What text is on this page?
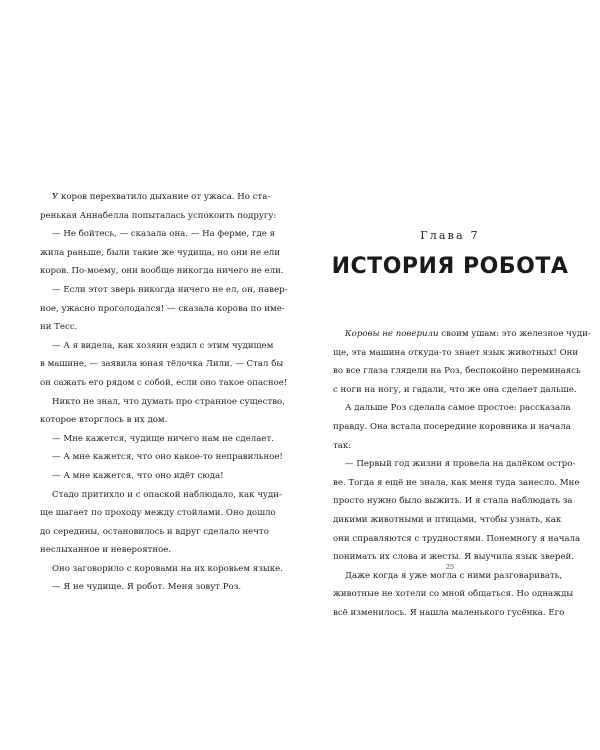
У коров перехватило дыхание от ужаса. Но ста-
ренькая Аннабелла попыталась успокоить подругу:
— Не бойтесь, — сказала она. — На ферме, где я
жила раньше, были такие же чудища, но они не ели
коров. По-моему, они вообще никогда ничего не ели.
— Если этот зверь никогда ничего не ел, он, навер-
ное, ужасно проголодался! — сказала корова по име-
ни Тесс.
— А я видела, как хозяин ездил с этим чудищем
в машине, — заявила юная тёлочка Лили. — Стал бы
он сажать его рядом с собой, если оно такое опасное!
Никто не знал, что думать про странное существо,
которое вторглось в их дом.
— Мне кажется, чудище ничего нам не сделает.
— А мне кажется, что оно какое-то неправильное!
— А мне кажется, что оно идёт сюда!
Стадо притихло и с опаской наблюдало, как чуди-
ще шагает по проходу между стойлами. Оно дошло
до середины, остановилось и вдруг сделало нечто
неслыханное и невероятное.
Оно заговорило с коровами на их коровьем языке.
— Я не чудище. Я робот. Меня зовут Роз.
Глава 7
ИСТОРИЯ РОБОТА
Коровы не поверили своим ушам: это железное чуди-
ще, эта машина откуда-то знает язык животных! Они
во все глаза глядели на Роз, беспокойно переминаясь
с ноги на ногу, и гадали, что же она сделает дальше.
А дальше Роз сделала самое простое: рассказала
правду. Она встала посередине коровника и начала
так:
— Первый год жизни я провела на далёком остро-
ве. Тогда я ещё не знала, как меня туда занесло. Мне
просто нужно было выжить. И я стала наблюдать за
дикими животными и птицами, чтобы узнать, как
они справляются с трудностями. Понемногу я начала
понимать их слова и жесты. Я выучила язык зверей.
Даже когда я уже могла с ними разговаривать,
животные не хотели со мной общаться. Но однажды
всё изменилось. Я нашла маленького гусёнка. Его
25
